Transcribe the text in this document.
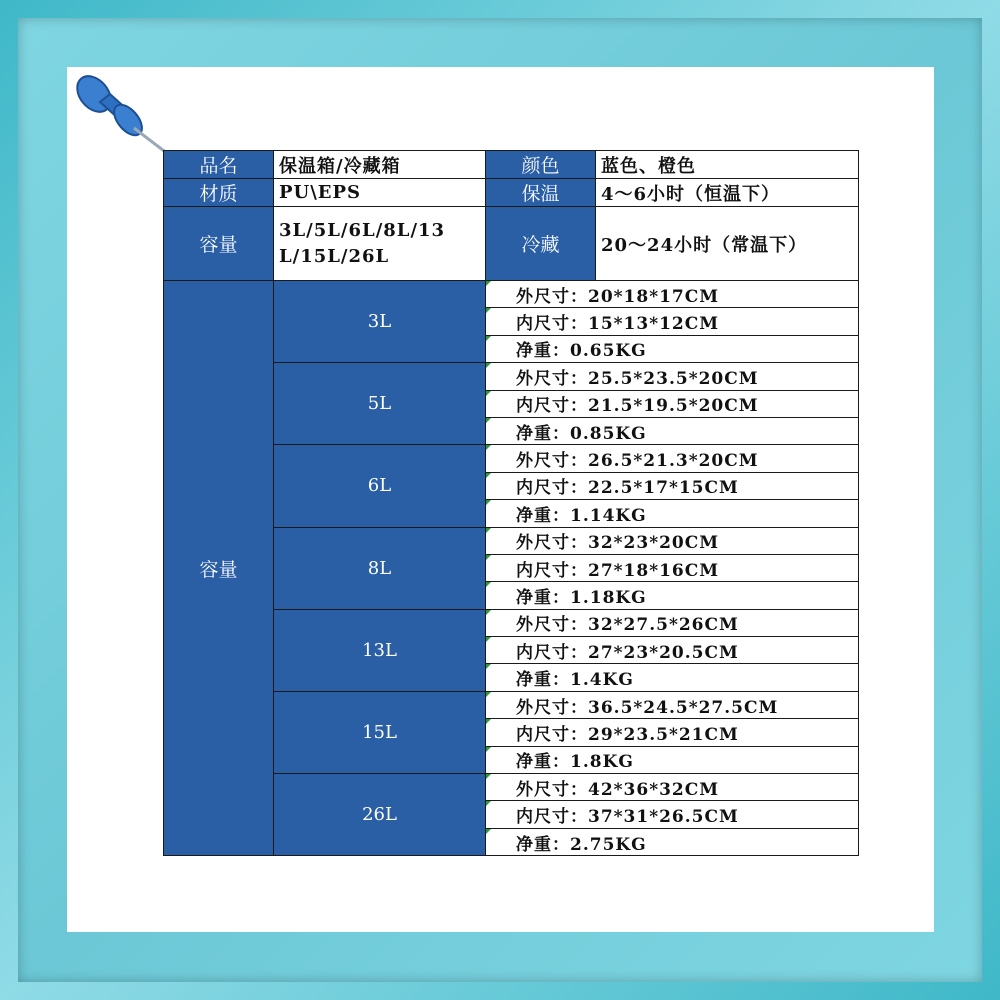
品名	保温箱/冷藏箱	颜色	蓝色、橙色
材质	PU\EPS	保温	4～6小时（恒温下）
容量	3L/5L/6L/8L/13 L/15L/26L	冷藏	20～24小时（常温下）
容量	3L	外尺寸：20*18*17CM	
		内尺寸：15*13*12CM	
		净重：0.65KG	
	5L	外尺寸：25.5*23.5*20CM	
		内尺寸：21.5*19.5*20CM	
		净重：0.85KG	
	6L	外尺寸：26.5*21.3*20CM	
		内尺寸：22.5*17*15CM	
		净重：1.14KG	
	8L	外尺寸：32*23*20CM	
		内尺寸：27*18*16CM	
		净重：1.18KG	
	13L	外尺寸：32*27.5*26CM	
		内尺寸：27*23*20.5CM	
		净重：1.4KG	
	15L	外尺寸：36.5*24.5*27.5CM	
		内尺寸：29*23.5*21CM	
		净重：1.8KG	
	26L	外尺寸：42*36*32CM	
		内尺寸：37*31*26.5CM	
		净重：2.75KG	
